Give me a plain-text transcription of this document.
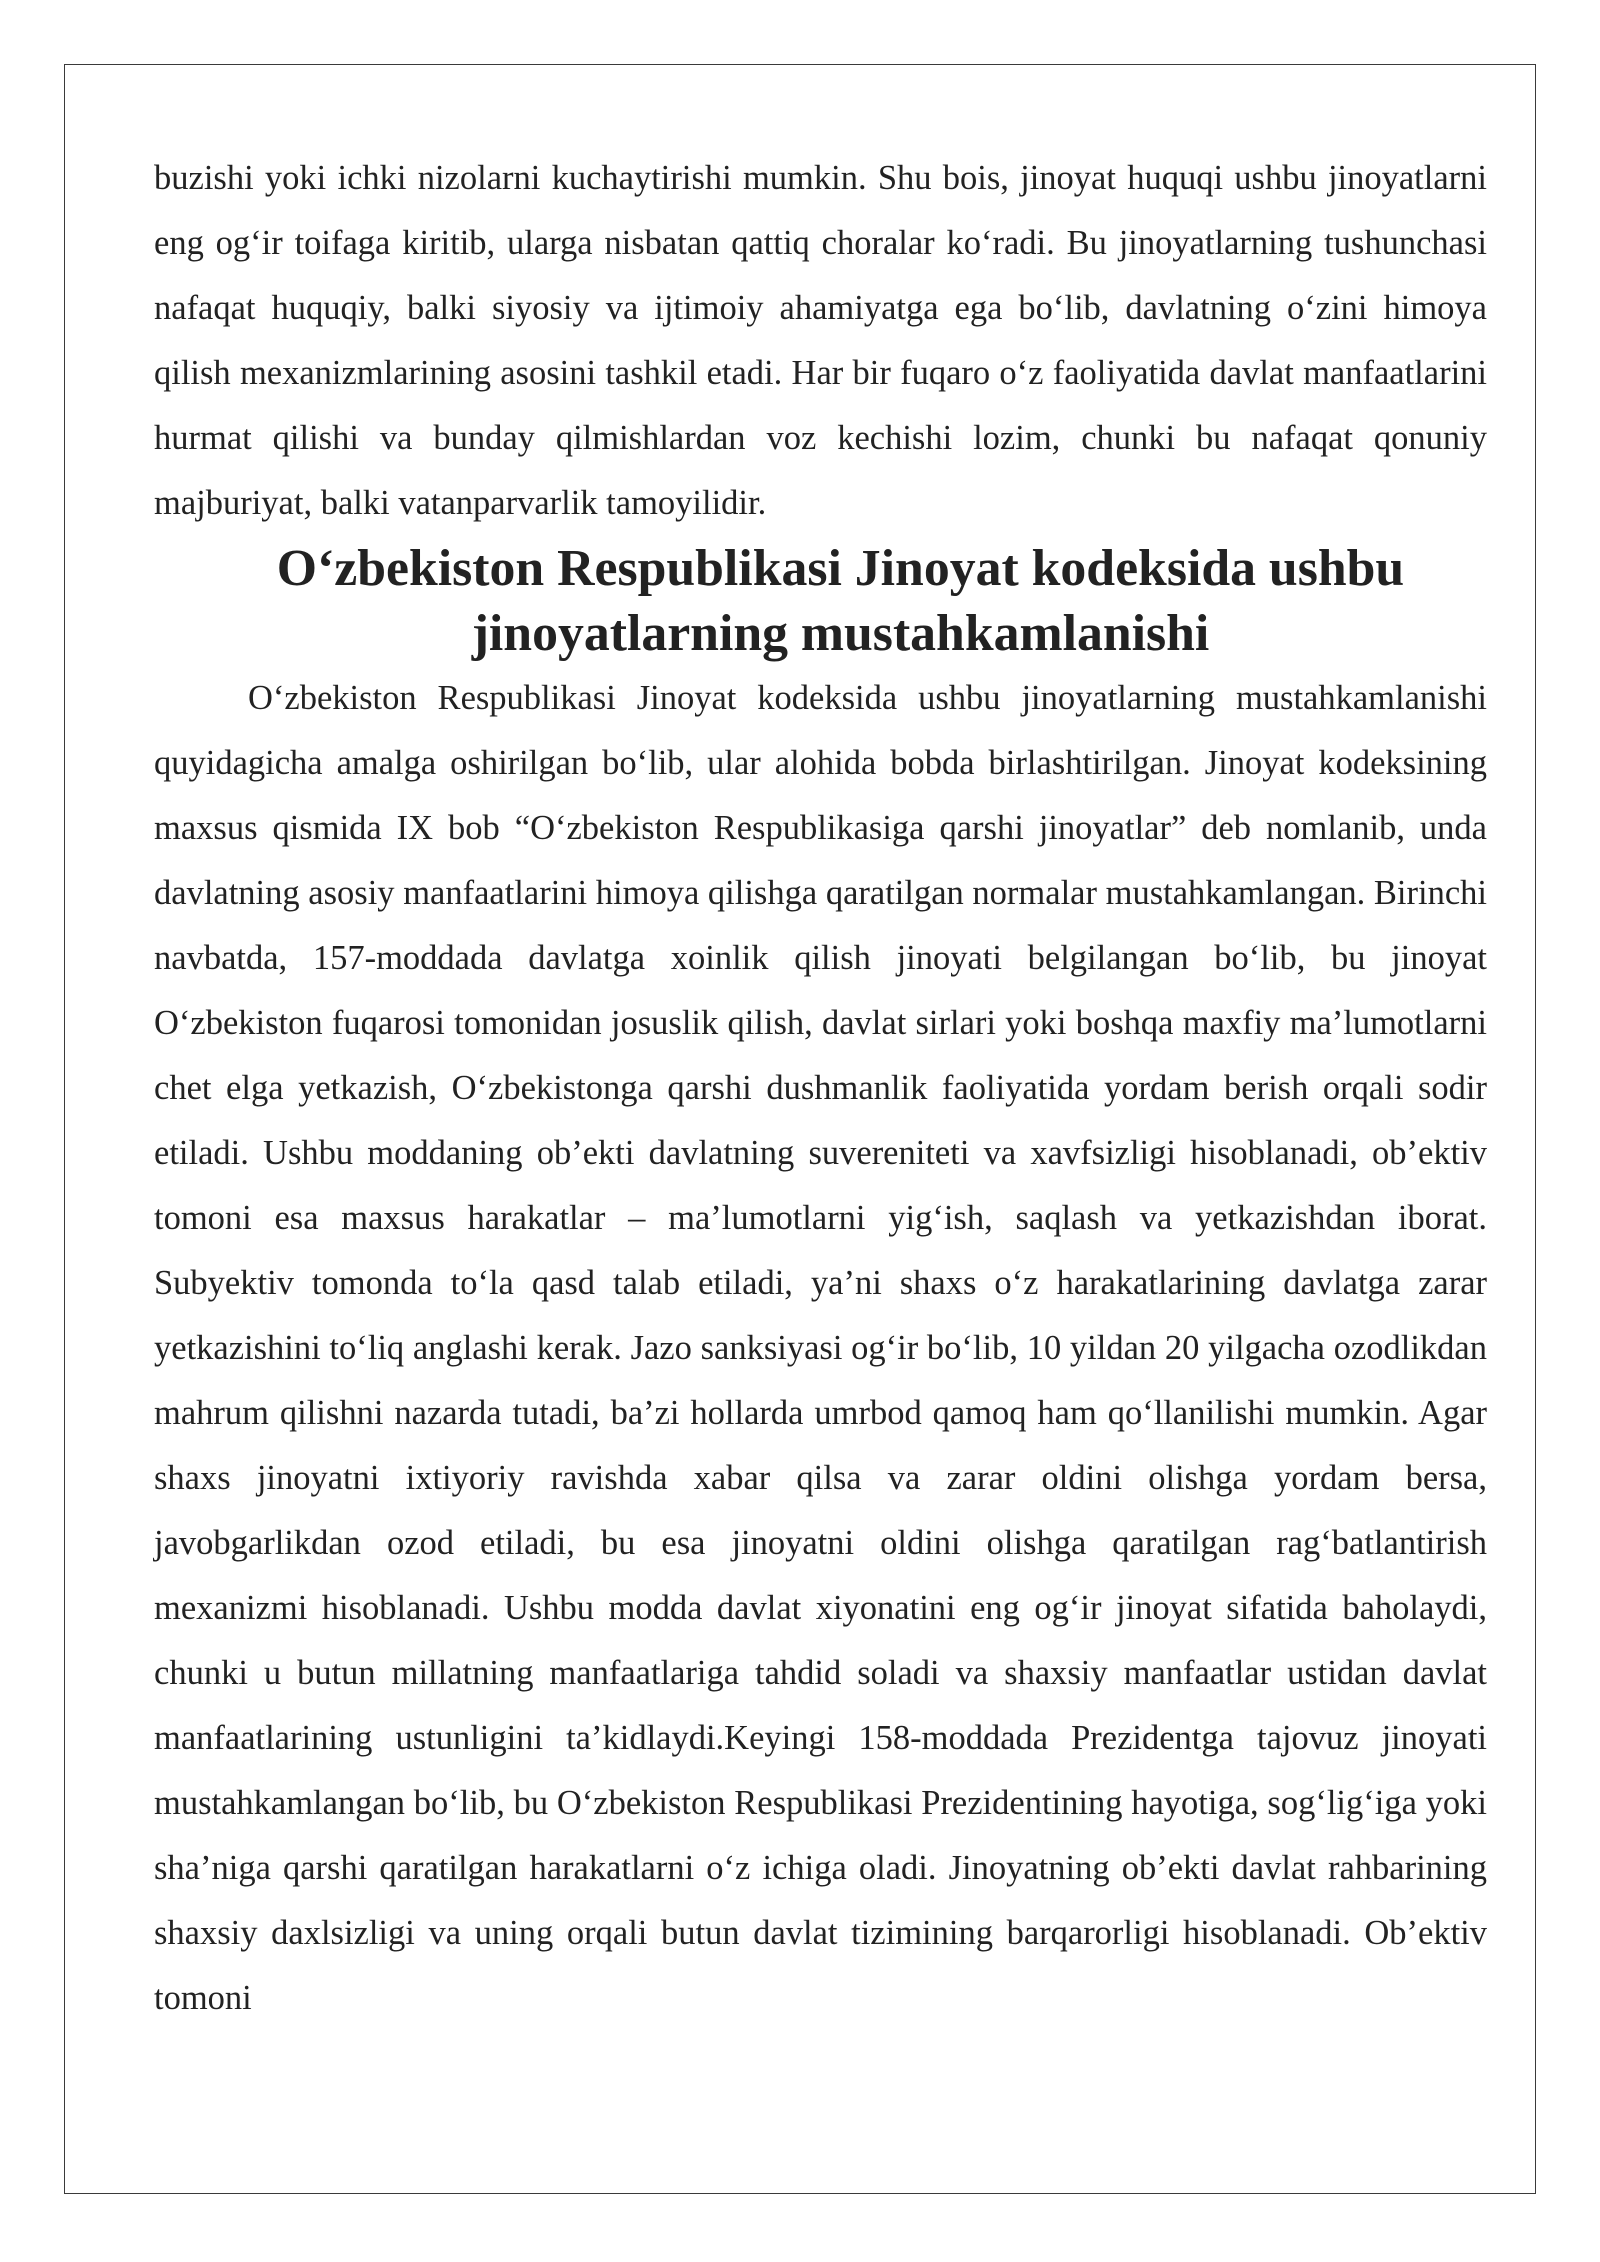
buzishi yoki ichki nizolarni kuchaytirishi mumkin. Shu bois, jinoyat huquqi ushbu jinoyatlarni eng og‘ir toifaga kiritib, ularga nisbatan qattiq choralar ko‘radi. Bu jinoyatlarning tushunchasi nafaqat huquqiy, balki siyosiy va ijtimoiy ahamiyatga ega bo‘lib, davlatning o‘zini himoya qilish mexanizmlarining asosini tashkil etadi. Har bir fuqaro o‘z faoliyatida davlat manfaatlarini hurmat qilishi va bunday qilmishlardan voz kechishi lozim, chunki bu nafaqat qonuniy majburiyat, balki vatanparvarlik tamoyilidir.

O‘zbekiston Respublikasi Jinoyat kodeksida ushbu jinoyatlarning mustahkamlanishi

O‘zbekiston Respublikasi Jinoyat kodeksida ushbu jinoyatlarning mustahkamlanishi quyidagicha amalga oshirilgan bo‘lib, ular alohida bobda birlashtirilgan. Jinoyat kodeksining maxsus qismida IX bob “O‘zbekiston Respublikasiga qarshi jinoyatlar” deb nomlanib, unda davlatning asosiy manfaatlarini himoya qilishga qaratilgan normalar mustahkamlangan. Birinchi navbatda, 157-moddada davlatga xoinlik qilish jinoyati belgilangan bo‘lib, bu jinoyat O‘zbekiston fuqarosi tomonidan josuslik qilish, davlat sirlari yoki boshqa maxfiy ma’lumotlarni chet elga yetkazish, O‘zbekistonga qarshi dushmanlik faoliyatida yordam berish orqali sodir etiladi. Ushbu moddaning ob’ekti davlatning suvereniteti va xavfsizligi hisoblanadi, ob’ektiv tomoni esa maxsus harakatlar – ma’lumotlarni yig‘ish, saqlash va yetkazishdan iborat. Subyektiv tomonda to‘la qasd talab etiladi, ya’ni shaxs o‘z harakatlarining davlatga zarar yetkazishini to‘liq anglashi kerak. Jazo sanksiyasi og‘ir bo‘lib, 10 yildan 20 yilgacha ozodlikdan mahrum qilishni nazarda tutadi, ba’zi hollarda umrbod qamoq ham qo‘llanilishi mumkin. Agar shaxs jinoyatni ixtiyoriy ravishda xabar qilsa va zarar oldini olishga yordam bersa, javobgarlikdan ozod etiladi, bu esa jinoyatni oldini olishga qaratilgan rag‘batlantirish mexanizmi hisoblanadi. Ushbu modda davlat xiyonatini eng og‘ir jinoyat sifatida baholaydi, chunki u butun millatning manfaatlariga tahdid soladi va shaxsiy manfaatlar ustidan davlat manfaatlarining ustunligini ta’kidlaydi.Keyingi 158-moddada Prezidentga tajovuz jinoyati mustahkamlangan bo‘lib, bu O‘zbekiston Respublikasi Prezidentining hayotiga, sog‘lig‘iga yoki sha’niga qarshi qaratilgan harakatlarni o‘z ichiga oladi. Jinoyatning ob’ekti davlat rahbarining shaxsiy daxlsizligi va uning orqali butun davlat tizimining barqarorligi hisoblanadi. Ob’ektiv tomoni
